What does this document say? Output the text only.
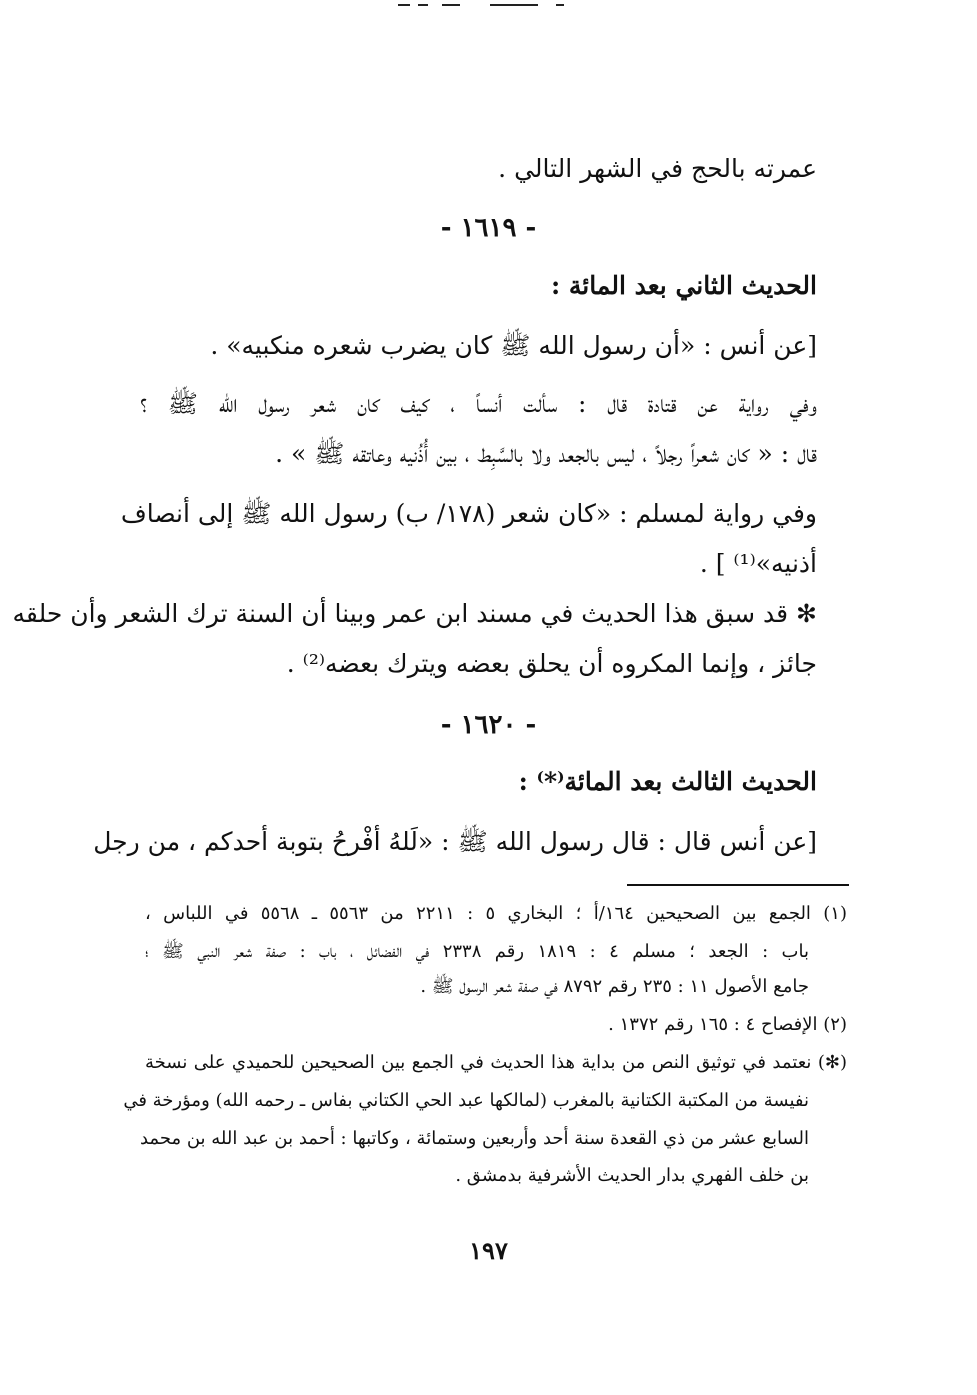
عمرته بالحج في الشهر التالي .
- ١٦١٩ -
الحديث الثاني بعد المائة :
[عن أنس : «أن رسول الله ﷺ كان يضرب شعره منكبيه» .
وفي رواية عن قتادة قال : سألت أنساً ، كيف كان شعر رسول الله ﷺ ؟
قال : « كان شعراً رجلاً ، ليس بالجعد ولا بالسَّبِط ، بين أُذُنيه وعاتقه ﷺ » .
وفي رواية لمسلم : «كان شعر (١٧٨/ ب) رسول الله ﷺ إلى أنصاف
أذنيه»⁽¹⁾ ] .
✻ قد سبق هذا الحديث في مسند ابن عمر وبينا أن السنة ترك الشعر وأن حلقه
جائز ، وإنما المكروه أن يحلق بعضه ويترك بعضه⁽²⁾ .
- ١٦٢٠ -
الحديث الثالث بعد المائة⁽*⁾ :
[عن أنس قال : قال رسول الله ﷺ : «لَلهُ أفْرحُ بتوبة أحدكم ، من رجل
(١) الجمع بين الصحيحين ١٦٤/أ ؛ البخاري ٥ : ٢٢١١ من ٥٥٦٣ ـ ٥٥٦٨ في اللباس ،
باب : الجعد ؛ مسلم ٤ : ١٨١٩ رقم ٢٣٣٨ في الفضائل ، باب : صفة شعر النبي ﷺ ؛
جامع الأصول ١١ : ٢٣٥ رقم ٨٧٩٢ في صفة شعر الرسول ﷺ .
(٢) الإفصاح ٤ : ١٦٥ رقم ١٣٧٢ .
(✻) نعتمد في توثيق النص من بداية هذا الحديث في الجمع بين الصحيحين للحميدي على نسخة
نفيسة من المكتبة الكتانية بالمغرب (لمالكها عبد الحي الكتاني بفاس ـ رحمه الله) ومؤرخة في
السابع عشر من ذي القعدة سنة أحد وأربعين وستمائة ، وكاتبها : أحمد بن عبد الله بن محمد
بن خلف الفهري بدار الحديث الأشرفية بدمشق .
١٩٧
